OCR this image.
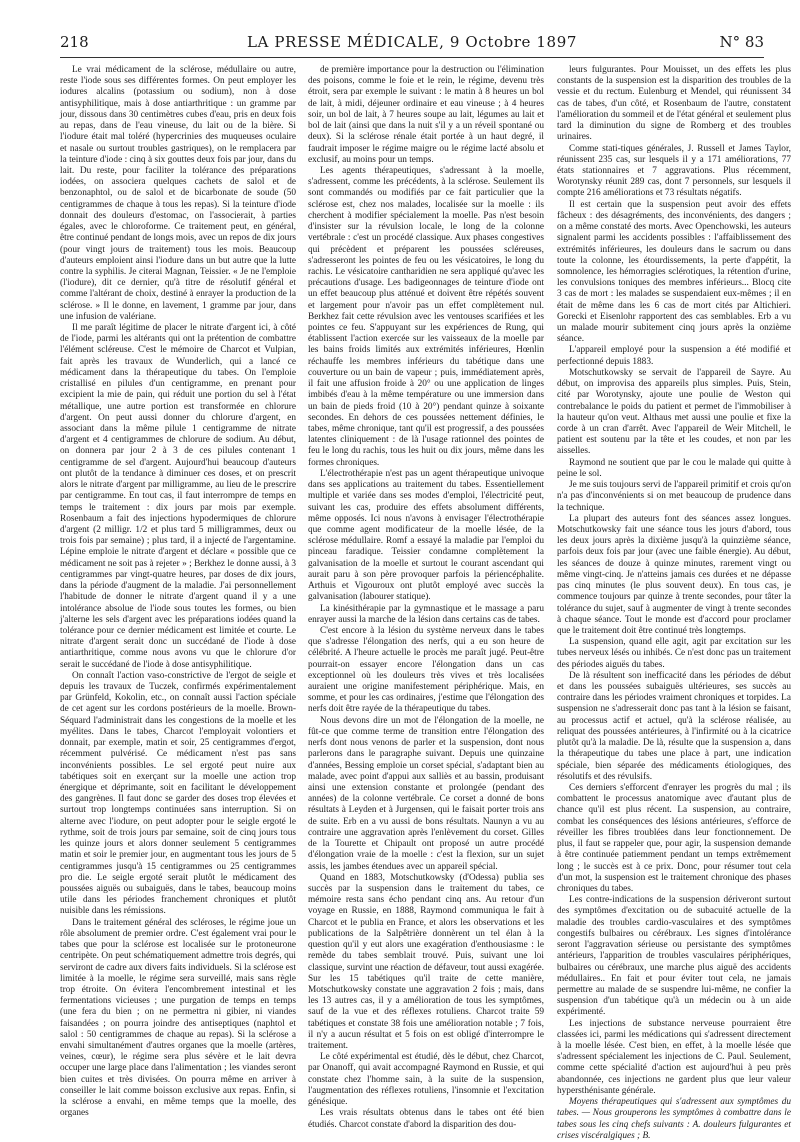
218	LA PRESSE MÉDICALE, 9 Octobre 1897	N° 83

Le vrai médicament de la sclérose, médullaire ou autre, reste l'iode sous ses différentes formes. On peut employer les iodures alcalins (potassium ou sodium), non à dose antisyphilitique, mais à dose antiarthritique : un gramme par jour, dissous dans 30 centimètres cubes d'eau, pris en deux fois au repas, dans de l'eau vineuse, du lait ou de la bière. Si l'iodure était mal toléré (hypercrinies des muqueuses oculaire et nasale ou surtout troubles gastriques), on le remplacera par la teinture d'iode : cinq à six gouttes deux fois par jour, dans du lait. Du reste, pour faciliter la tolérance des préparations iodées, on associera quelques cachets de salol et de benzonaphtol, ou de salol et de bicarbonate de soude (50 centigrammes de chaque à tous les repas). Si la teinture d'iode donnait des douleurs d'estomac, on l'associerait, à parties égales, avec le chloroforme. Ce traitement peut, en général, être continué pendant de longs mois, avec un repos de dix jours (pour vingt jours de traitement) tous les mois. Beaucoup d'auteurs emploient ainsi l'iodure dans un but autre que la lutte contre la syphilis. Je citerai Magnan, Teissier. « Je ne l'emploie (l'iodure), dit ce dernier, qu'à titre de résolutif général et comme l'altérant de choix, destiné à enrayer la production de la sclérose. » Il le donne, en lavement, 1 gramme par jour, dans une infusion de valériane.

Il me paraît légitime de placer le nitrate d'argent ici, à côté de l'iode, parmi les altérants qui ont la prétention de combattre l'élément scléreuse. C'est le mémoire de Charcot et Vulpian, fait après les travaux de Wunderlich, qui a lancé ce médicament dans la thérapeutique du tabes. On l'emploie cristallisé en pilules d'un centigramme, en prenant pour excipient la mie de pain, qui réduit une portion du sel à l'état métallique, une autre portion est transformée en chlorure d'argent. On peut aussi donner du chlorure d'argent, en associant dans la même pilule 1 centigramme de nitrate d'argent et 4 centigrammes de chlorure de sodium. Au début, on donnera par jour 2 à 3 de ces pilules contenant 1 centigramme de sel d'argent. Aujourd'hui beaucoup d'auteurs ont plutôt de la tendance à diminuer ces doses, et on prescrit alors le nitrate d'argent par milligramme, au lieu de le prescrire par centigramme. En tout cas, il faut interrompre de temps en temps le traitement : dix jours par mois par exemple. Rosenbaum a fait des injections hypodermiques de chlorure d'argent (2 milligr. 1/2 et plus tard 5 milligrammes, deux ou trois fois par semaine) ; plus tard, il a injecté de l'argentamine. Lépine emploie le nitrate d'argent et déclare « possible que ce médicament ne soit pas à rejeter » ; Berkhez le donne aussi, à 3 centigrammes par vingt-quatre heures, par doses de dix jours, dans la période d'augment de la maladie. J'ai personnellement l'habitude de donner le nitrate d'argent quand il y a une intolérance absolue de l'iode sous toutes les formes, ou bien j'alterne les sels d'argent avec les préparations iodées quand la tolérance pour ce dernier médicament est limitée et courte. Le nitrate d'argent serait donc un succédané de l'iode à dose antiarthritique, comme nous avons vu que le chlorure d'or serait le succédané de l'iode à dose antisyphilitique.

On connaît l'action vaso-constrictive de l'ergot de seigle et depuis les travaux de Tuczek, confirmés expérimentalement par Grünfeld, Kokolin, etc., on connaît aussi l'action spéciale de cet agent sur les cordons postérieurs de la moelle. Brown-Séquard l'administrait dans les congestions de la moelle et les myélites. Dans le tabes, Charcot l'employait volontiers et donnait, par exemple, matin et soir, 25 centigrammes d'ergot, récemment pulvérisé. Ce médicament n'est pas sans inconvénients possibles. Le sel ergoté peut nuire aux tabétiques soit en exerçant sur la moelle une action trop énergique et déprimante, soit en facilitant le développement des gangrènes. Il faut donc se garder des doses trop élevées et surtout trop longtemps continuées sans interruption. Si on alterne avec l'iodure, on peut adopter pour le seigle ergoté le rythme, soit de trois jours par semaine, soit de cinq jours tous les quinze jours et alors donner seulement 5 centigrammes matin et soir le premier jour, en augmentant tous les jours de 5 centigrammes jusqu'à 15 centigrammes ou 25 centigrammes pro die. Le seigle ergoté serait plutôt le médicament des poussées aiguës ou subaiguës, dans le tabes, beaucoup moins utile dans les périodes franchement chroniques et plutôt nuisible dans les rémissions.

Dans le traitement général des scléroses, le régime joue un rôle absolument de premier ordre. C'est également vrai pour le tabes que pour la sclérose est localisée sur le protoneurone centripète. On peut schématiquement admettre trois degrés, qui serviront de cadre aux divers faits individuels. Si la sclérose est limitée à la moelle, le régime sera surveillé, mais sans règle trop étroite. On évitera l'encombrement intestinal et les fermentations vicieuses ; une purgation de temps en temps (une fera du bien ; on ne permettra ni gibier, ni viandes faisandées ; on pourra joindre des antiseptiques (naphtol et salol : 50 centigrammes de chaque au repas). Si la sclérose a envahi simultanément d'autres organes que la moelle (artères, veines, cœur), le régime sera plus sévère et le lait devra occuper une large place dans l'alimentation ; les viandes seront bien cuites et très divisées. On pourra même en arriver à conseiller le lait comme boisson exclusive aux repas. Enfin, si la sclérose a envahi, en même temps que la moelle, des organes

de première importance pour la destruction ou l'élimination des poisons, comme le foie et le rein, le régime, devenu très étroit, sera par exemple le suivant : le matin à 8 heures un bol de lait, à midi, déjeuner ordinaire et eau vineuse ; à 4 heures soir, un bol de lait, à 7 heures soupe au lait, légumes au lait et bol de lait (ainsi que dans la nuit s'il y a un réveil spontané ou deux). Si la sclérose rénale était portée à un haut degré, il faudrait imposer le régime maigre ou le régime lacté absolu et exclusif, au moins pour un temps.

Les agents thérapeutiques, s'adressant à la moelle, s'adressent, comme les précédents, à la sclérose. Seulement ils sont commandés ou modifiés par ce fait particulier que la sclérose est, chez nos malades, localisée sur la moelle : ils cherchent à modifier spécialement la moelle. Pas n'est besoin d'insister sur la révulsion locale, le long de la colonne vertébrale : c'est un procédé classique. Aux phases congestives qui précèdent et préparent les poussées scléreuses, s'adresseront les pointes de feu ou les vésicatoires, le long du rachis. Le vésicatoire cantharidien ne sera appliqué qu'avec les précautions d'usage. Les badigeonnages de teinture d'iode ont un effet beaucoup plus atténué et doivent être répétés souvent et largement pour n'avoir pas un effet complètement nul. Berkhez fait cette révulsion avec les ventouses scarifiées et les pointes ce feu. S'appuyant sur les expériences de Rung, qui établissent l'action exercée sur les vaisseaux de la moelle par les bains froids limités aux extrémités inférieures, Hœnlin réchauffe les membres inférieurs du tabétique dans une couverture ou un bain de vapeur ; puis, immédiatement après, il fait une affusion froide à 20° ou une application de linges imbibés d'eau à la même température ou une immersion dans un bain de pieds froid (10 à 20°) pendant quinze à soixante secondes. En dehors de ces poussées nettement définies, le tabes, même chronique, tant qu'il est progressif, a des poussées latentes cliniquement : de là l'usage rationnel des pointes de feu le long du rachis, tous les huit ou dix jours, même dans les formes chroniques.

L'électrothérapie n'est pas un agent thérapeutique univoque dans ses applications au traitement du tabes. Essentiellement multiple et variée dans ses modes d'emploi, l'électricité peut, suivant les cas, produire des effets absolument différents, même opposés. Ici nous n'avons à envisager l'électrothérapie que comme agent modificateur de la moelle lésée, de la sclérose médullaire. Romf a essayé la maladie par l'emploi du pinceau faradique. Teissier condamne complètement la galvanisation de la moelle et surtout le courant ascendant qui aurait paru à son père provoquer parfois la périencéphalite. Arthuis et Vigouroux ont plutôt employé avec succès la galvanisation (labourer statique).

La kinésithérapie par la gymnastique et le massage a paru enrayer aussi la marche de la lésion dans certains cas de tabes.

C'est encore à la lésion du système nerveux dans le tabes que s'adresse l'élongation des nerfs, qui a eu son heure de célébrité. A l'heure actuelle le procès me paraît jugé. Peut-être pourrait-on essayer encore l'élongation dans un cas exceptionnel où les douleurs très vives et très localisées auraient une origine manifestement périphérique. Mais, en somme, et pour les cas ordinaires, j'estime que l'élongation des nerfs doit être rayée de la thérapeutique du tabes.

Nous devons dire un mot de l'élongation de la moelle, ne fût-ce que comme terme de transition entre l'élongation des nerfs dont nous venons de parler et la suspension, dont nous parlerons dans le paragraphe suivant. Depuis une quinzaine d'années, Bessing emploie un corset spécial, s'adaptant bien au malade, avec point d'appui aux salliès et au bassin, produisant ainsi une extension constante et prolongée (pendant des années) de la colonne vertébrale. Ce corset a donné de bons résultats à Leyden et à Jurgensen, qui le faisait porter trois ans de suite. Erb en a vu aussi de bons résultats. Naunyn a vu au contraire une aggravation après l'enlèvement du corset. Gilles de la Tourette et Chipault ont proposé un autre procédé d'élongation vraie de la moelle : c'est la flexion, sur un sujet assis, les jambes étendues avec un appareil spécial.

Quand en 1883, Motschutkowsky (d'Odessa) publia ses succès par la suspension dans le traitement du tabes, ce mémoire resta sans écho pendant cinq ans. Au retour d'un voyage en Russie, en 1888, Raymond communiqua le fait à Charcot et le publia en France, et alors les observations et les publications de la Salpêtrière donnèrent un tel élan à la question qu'il y eut alors une exagération d'enthousiasme : le remède du tabes semblait trouvé. Puis, suivant une loi classique, survint une réaction de défaveur, tout aussi exagérée. Sur les 15 tabétiques qu'il traite de cette manière, Motschutkowsky constate une aggravation 2 fois ; mais, dans les 13 autres cas, il y a amélioration de tous les symptômes, sauf de la vue et des réflexes rotuliens. Charcot traite 59 tabétiques et constate 38 fois une amélioration notable ; 7 fois, il n'y a aucun résultat et 5 fois on est obligé d'interrompre le traitement.

Le côté expérimental est étudié, dès le début, chez Charcot, par Onanoff, qui avait accompagné Raymond en Russie, et qui constate chez l'homme sain, à la suite de la suspension, l'augmentation des réflexes rotuliens, l'insomnie et l'excitation génésique.

Les vrais résultats obtenus dans le tabes ont été bien étudiés. Charcot constate d'abord la disparition des dou-

leurs fulgurantes. Pour Mouisset, un des effets les plus constants de la suspension est la disparition des troubles de la vessie et du rectum. Eulenburg et Mendel, qui réunissent 34 cas de tabes, d'un côté, et Rosenbaum de l'autre, constatent l'amélioration du sommeil et de l'état général et seulement plus tard la diminution du signe de Romberg et des troubles urinaires.

Comme stati-tiques générales, J. Russell et James Taylor, réunissent 235 cas, sur lesquels il y a 171 améliorations, 77 états stationnaires et 7 aggravations. Plus récemment, Worotynsky réunit 289 cas, dont 7 personnels, sur lesquels il compte 216 améliorations et 73 résultats négatifs.

Il est certain que la suspension peut avoir des effets fâcheux : des désagréments, des inconvénients, des dangers ; on a même constaté des morts. Avec Openchowski, les auteurs signalent parmi les accidents possibles : l'affaiblissement des extrémités inférieures, les douleurs dans le sacrum ou dans toute la colonne, les étourdissements, la perte d'appétit, la somnolence, les hémorragies sclérotiques, la rétention d'urine, les convulsions toniques des membres inférieurs... Blocq cite 3 cas de mort : les malades se suspendaient eux-mêmes ; il en était de même dans les 6 cas de mort cités par Altichieri. Gorecki et Eisenlohr rapportent des cas semblables. Erb a vu un malade mourir subitement cinq jours après la onzième séance.

L'appareil employé pour la suspension a été modifié et perfectionné depuis 1883.

Motschutkowsky se servait de l'appareil de Sayre. Au début, on improvisa des appareils plus simples. Puis, Stein, cité par Worotynsky, ajoute une poulie de Weston qui contrebalance le poids du patient et permet de l'immobiliser à la hauteur qu'on veut. Althaus met aussi une poulie et fixe la corde à un cran d'arrêt. Avec l'appareil de Weir Mitchell, le patient est soutenu par la tête et les coudes, et non par les aisselles.

Raymond ne soutient que par le cou le malade qui quitte à peine le sol.

Je me suis toujours servi de l'appareil primitif et crois qu'on n'a pas d'inconvénients si on met beaucoup de prudence dans la technique.

La plupart des auteurs font des séances assez longues. Motschutkowsky fait une séance tous les jours d'abord, tous les deux jours après la dixième jusqu'à la quinzième séance, parfois deux fois par jour (avec une faible énergie). Au début, les séances de douze à quinze minutes, rarement vingt ou même vingt-cinq. Je n'atteins jamais ces durées et ne dépasse pas cinq minutes (le plus souvent deux). En tous cas, je commence toujours par quinze à trente secondes, pour tâter la tolérance du sujet, sauf à augmenter de vingt à trente secondes à chaque séance. Tout le monde est d'accord pour proclamer que le traitement doit être continué très longtemps.

La suspension, quand elle agit, agit par excitation sur les tubes nerveux lésés ou inhibés. Ce n'est donc pas un traitement des périodes aiguës du tabes.

De là résultent son inefficacité dans les périodes de début et dans les poussées subaiguës ultérieures, ses succès au contraire dans les périodes vraiment chroniques et torpides. La suspension ne s'adresserait donc pas tant à la lésion se faisant, au processus actif et actuel, qu'à la sclérose réalisée, au reliquat des poussées antérieures, à l'infirmité ou à la cicatrice plutôt qu'à la maladie. De là, résulte que la suspension a, dans la thérapeutique du tabes une place à part, une indication spéciale, bien séparée des médicaments étiologiques, des résolutifs et des révulsifs.

Ces derniers s'efforcent d'enrayer les progrès du mal ; ils combattent le processus anatomique avec d'autant plus de chance qu'il est plus récent. La suspension, au contraire, combat les conséquences des lésions antérieures, s'efforce de réveiller les fibres troublées dans leur fonctionnement. De plus, il faut se rappeler que, pour agir, la suspension demande à être continuée patiemment pendant un temps extrêmement long ; le succès est à ce prix. Donc, pour résumer tout cela d'un mot, la suspension est le traitement chronique des phases chroniques du tabes.

Les contre-indications de la suspension dériveront surtout des symptômes d'excitation ou de subacuité actuelle de la maladie des troubles cardio-vasculaires et des symptômes congestifs bulbaires ou cérébraux. Les signes d'intolérance seront l'aggravation sérieuse ou persistante des symptômes antérieurs, l'apparition de troubles vasculaires périphériques, bulbaires ou cérébraux, une marche plus aiguë des accidents médullaires.. En fait et pour éviter tout cela, ne jamais permettre au malade de se suspendre lui-même, ne confier la suspension d'un tabétique qu'à un médecin ou à un aide expérimenté.

Les injections de substance nerveuse pourraient être classées ici, parmi les médications qui s'adressent directement à la moelle lésée. C'est bien, en effet, à la moelle lésée que s'adressent spécialement les injections de C. Paul. Seulement, comme cette spécialité d'action est aujourd'hui à peu près abandonnée, ces injections ne gardent plus que leur valeur hypersthénisante générale.

Moyens thérapeutiques qui s'adressent aux symptômes du tabes. — Nous grouperons les symptômes à combattre dans le tabes sous les cinq chefs suivants : A. douleurs fulgurantes et crises viscéralgiques ; B.
